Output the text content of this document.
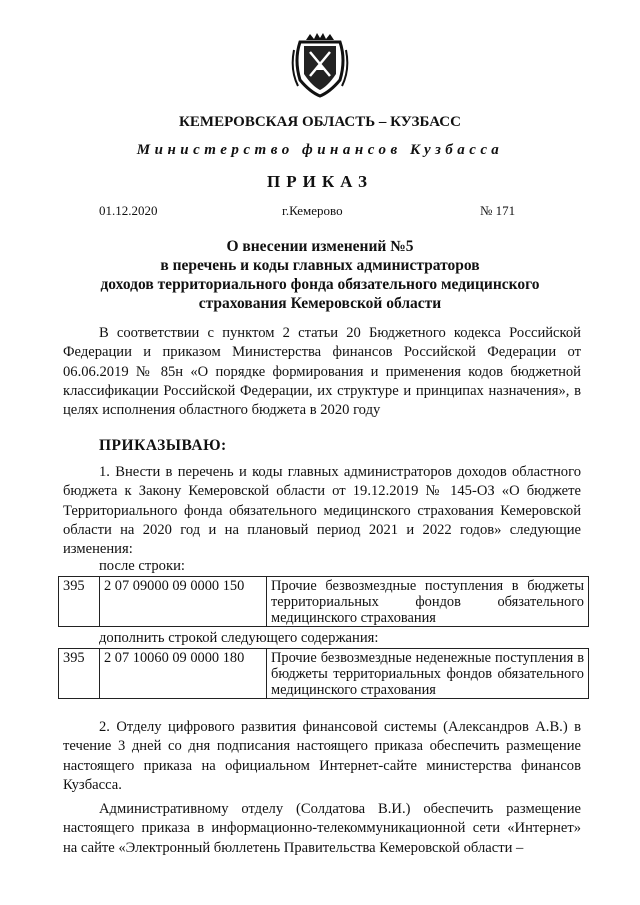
КЕМЕРОВСКАЯ ОБЛАСТЬ – КУЗБАСС
Министерство финансов Кузбасса
ПРИКАЗ
01.12.2020	г.Кемерово	№ 171
О внесении изменений №5
в перечень и коды главных администраторов
доходов территориального фонда обязательного медицинского
страхования Кемеровской области

В соответствии с пунктом 2 статьи 20 Бюджетного кодекса Российской Федерации и приказом Министерства финансов Российской Федерации от 06.06.2019 № 85н «О порядке формирования и применения кодов бюджетной классификации Российской Федерации, их структуре и принципах назначения», в целях исполнения областного бюджета в 2020 году

ПРИКАЗЫВАЮ:

1. Внести в перечень и коды главных администраторов доходов областного бюджета к Закону Кемеровской области от 19.12.2019 № 145-ОЗ «О бюджете Территориального фонда обязательного медицинского страхования Кемеровской области на 2020 год и на плановый период 2021 и 2022 годов» следующие изменения:

после строки:
395	2 07 09000 09 0000 150	Прочие безвозмездные поступления в бюджеты территориальных фондов обязательного медицинского страхования
дополнить строкой следующего содержания:
395	2 07 10060 09 0000 180	Прочие безвозмездные неденежные поступления в бюджеты территориальных фондов обязательного медицинского страхования

2. Отделу цифрового развития финансовой системы (Александров А.В.) в течение 3 дней со дня подписания настоящего приказа обеспечить размещение настоящего приказа на официальном Интернет-сайте министерства финансов Кузбасса.

Административному отделу (Солдатова В.И.) обеспечить размещение настоящего приказа в информационно-телекоммуникационной сети «Интернет» на сайте «Электронный бюллетень Правительства Кемеровской области –
